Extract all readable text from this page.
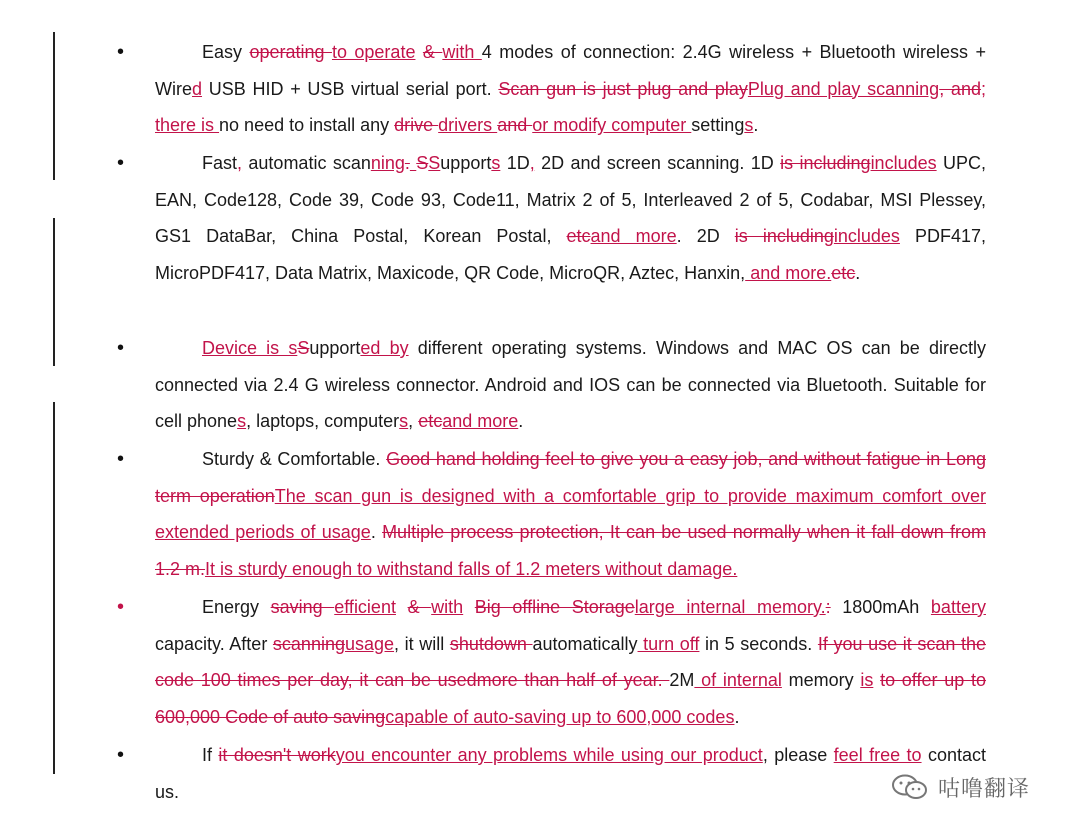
•	Easy operating to operate & with 4 modes of connection: 2.4G wireless + Bluetooth wireless + Wired USB HID + USB virtual serial port. Scan gun is just plug and playPlug and play scanning, and; there is no need to install any drive drivers and or modify computer settings.
•	Fast, automatic scanning. SSupports 1D, 2D and screen scanning. 1D is includingincludes UPC, EAN, Code128, Code 39, Code 93, Code11, Matrix 2 of 5, Interleaved 2 of 5, Codabar, MSI Plessey, GS1 DataBar, China Postal, Korean Postal, etcand more. 2D is includingincludes PDF417, MicroPDF417, Data Matrix, Maxicode, QR Code, MicroQR, Aztec, Hanxin, and more.etc.
•	Device is sSupported by different operating systems. Windows and MAC OS can be directly connected via 2.4 G wireless connector. Android and IOS can be connected via Bluetooth. Suitable for cell phones, laptops, computers, etcand more.
•	Sturdy & Comfortable. Good hand holding feel to give you a easy job, and without fatigue in Long term operationThe scan gun is designed with a comfortable grip to provide maximum comfort over extended periods of usage. Multiple process protection, It can be used normally when it fall down from 1.2 m.It is sturdy enough to withstand falls of 1.2 meters without damage.
•	Energy saving efficient & with Big offline Storagelarge internal memory.: 1800mAh battery capacity. After scanningusage, it will shutdown automatically turn off in 5 seconds. If you use it scan the code 100 times per day, it can be usedmore than half of year. 2M of internal memory is to offer up to 600,000 Code of auto savingcapable of auto-saving up to 600,000 codes.
•	If it doesn't workyou encounter any problems while using our product, please feel free to contact us.	咕噜翻译
